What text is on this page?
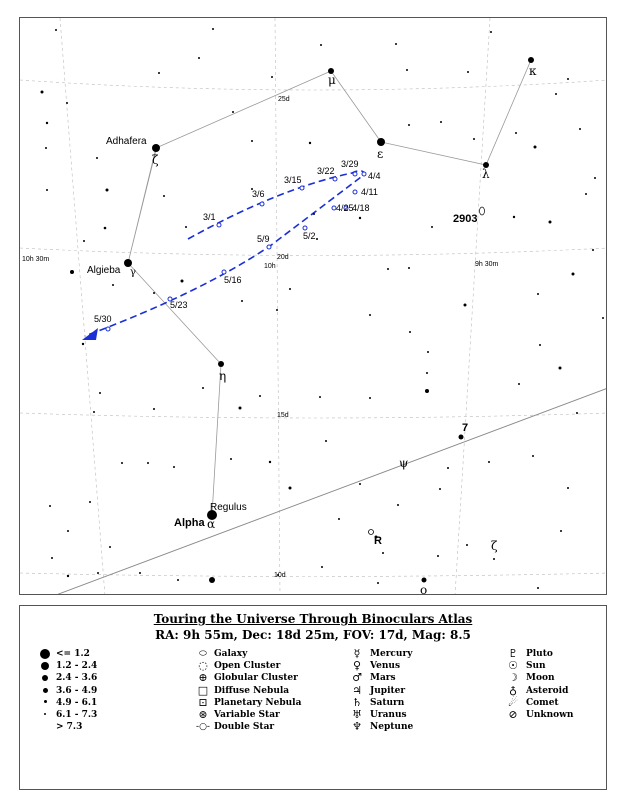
Adhafera
Algieba
Regulus
Alpha
R
7
2903
μ
κ
ε
λ
ζ
γ
η
α
ψ
ζ
ο
25d
20d
15d
10d
10h 30m
10h	9h 30m
3/1
3/6
3/15
3/22
3/29
4/4
4/11
4/18
4/25
5/2
5/9
5/16
5/23
5/30
Touring the Universe Through Binoculars Atlas
RA: 9h 55m, Dec: 18d 25m, FOV: 17d, Mag: 8.5
<= 1.2
1.2 - 2.4
2.4 - 3.6
3.6 - 4.9
4.9 - 6.1
6.1 - 7.3
> 7.3
⬭ Galaxy
◌ Open Cluster
⊕ Globular Cluster
□ Diffuse Nebula
⊡ Planetary Nebula
⊛ Variable Star
-○- Double Star
☿	Mercury
♀ Venus
♂ Mars
♃ Jupiter
♄ Saturn
♅ Uranus
♆ Neptune
♇ Pluto
☉ Sun
☽ Moon
♁ Asteroid
☄ Comet
⊘ Unknown
